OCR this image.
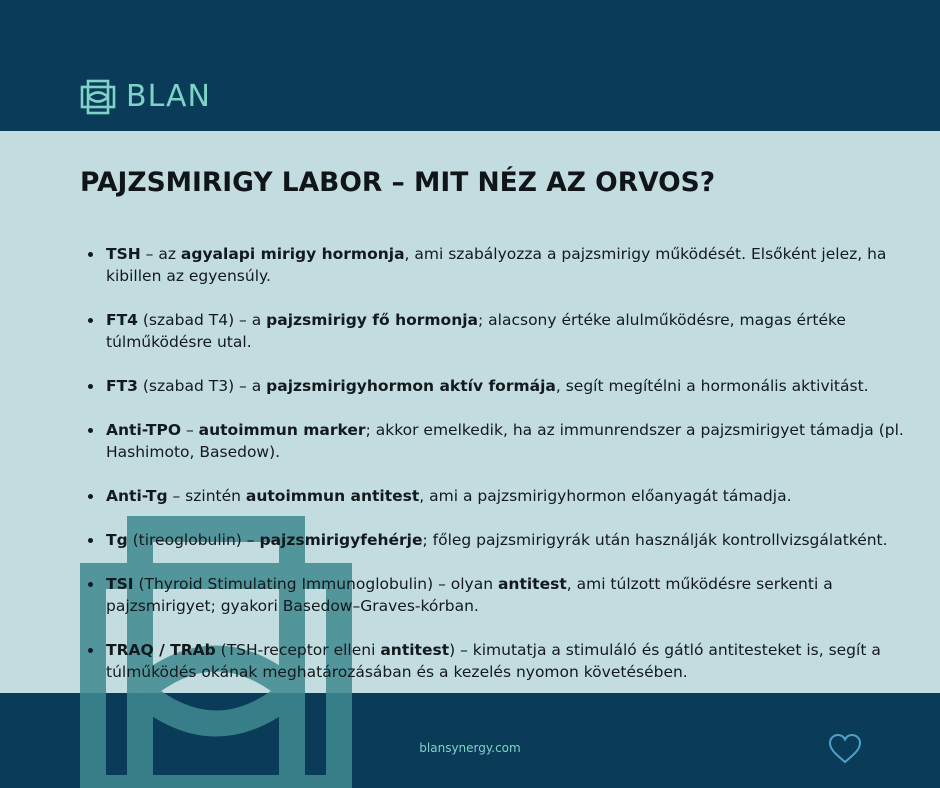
BLAN
PAJZSMIRIGY LABOR – MIT NÉZ AZ ORVOS?
TSH – az agyalapi mirigy hormonja, ami szabályozza a pajzsmirigy működését. Elsőként jelez, ha kibillen az egyensúly.
FT4 (szabad T4) – a pajzsmirigy fő hormonja; alacsony értéke alulműködésre, magas értéke túlműködésre utal.
FT3 (szabad T3) – a pajzsmirigyhormon aktív formája, segít megítélni a hormonális aktivitást.
Anti-TPO – autoimmun marker; akkor emelkedik, ha az immunrendszer a pajzsmirigyet támadja (pl. Hashimoto, Basedow).
Anti-Tg – szintén autoimmun antitest, ami a pajzsmirigyhormon előanyagát támadja.
Tg (tireoglobulin) – pajzsmirigyfehérje; főleg pajzsmirigyrák után használják kontrollvizsgálatként.
TSI (Thyroid Stimulating Immunoglobulin) – olyan antitest, ami túlzott működésre serkenti a pajzsmirigyet; gyakori Basedow–Graves-kórban.
TRAQ / TRAb (TSH-receptor elleni antitest) – kimutatja a stimuláló és gátló antitesteket is, segít a túlműködés okának meghatározásában és a kezelés nyomon követésében.
blansynergy.com
